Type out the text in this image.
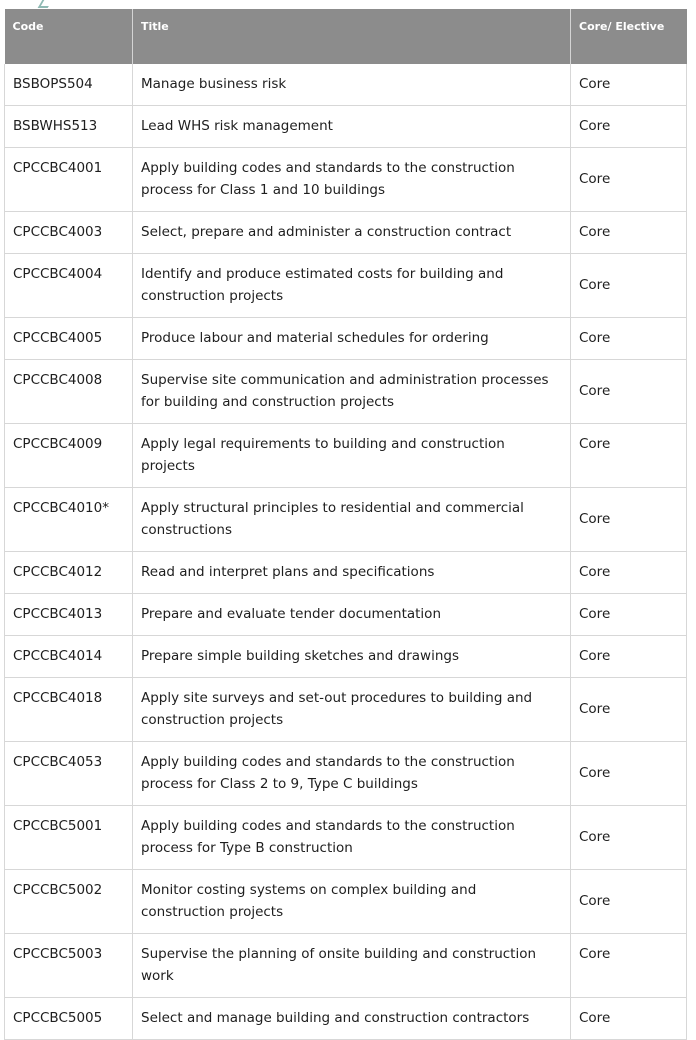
Code	Title	Core/ Elective
BSBOPS504	Manage business risk	Core
BSBWHS513	Lead WHS risk management	Core
CPCCBC4001	Apply building codes and standards to the construction process for Class 1 and 10 buildings	Core
CPCCBC4003	Select, prepare and administer a construction contract	Core
CPCCBC4004	Identify and produce estimated costs for building and construction projects	Core
CPCCBC4005	Produce labour and material schedules for ordering	Core
CPCCBC4008	Supervise site communication and administration processes for building and construction projects	Core
CPCCBC4009	Apply legal requirements to building and construction projects	Core
CPCCBC4010*	Apply structural principles to residential and commercial constructions	Core
CPCCBC4012	Read and interpret plans and specifications	Core
CPCCBC4013	Prepare and evaluate tender documentation	Core
CPCCBC4014	Prepare simple building sketches and drawings	Core
CPCCBC4018	Apply site surveys and set-out procedures to building and construction projects	Core
CPCCBC4053	Apply building codes and standards to the construction process for Class 2 to 9, Type C buildings	Core
CPCCBC5001	Apply building codes and standards to the construction process for Type B construction	Core
CPCCBC5002	Monitor costing systems on complex building and construction projects	Core
CPCCBC5003	Supervise the planning of onsite building and construction work	Core
CPCCBC5005	Select and manage building and construction contractors	Core
